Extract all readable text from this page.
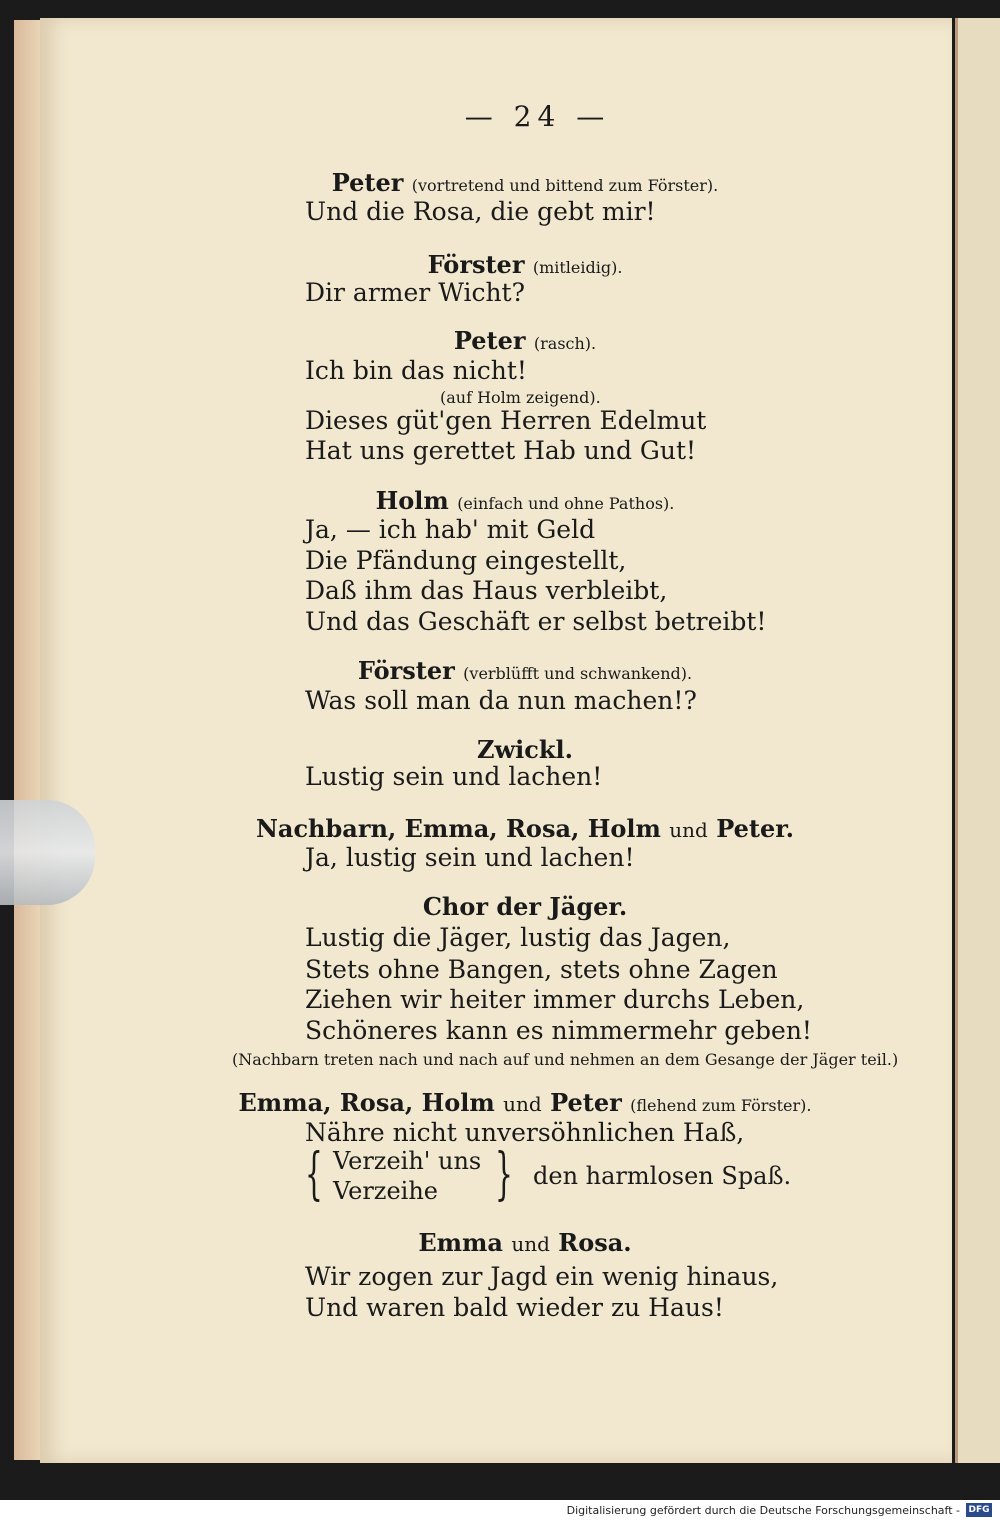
— 24 —
Peter (vortretend und bittend zum Förster).
Und die Rosa, die gebt mir!
Förster (mitleidig).
Dir armer Wicht?
Peter (rasch).
Ich bin das nicht!
(auf Holm zeigend).
Dieses güt'gen Herren Edelmut
Hat uns gerettet Hab und Gut!
Holm (einfach und ohne Pathos).
Ja, — ich hab' mit Geld
Die Pfändung eingestellt,
Daß ihm das Haus verbleibt,
Und das Geschäft er selbst betreibt!
Förster (verblüfft und schwankend).
Was soll man da nun machen!?
Zwickl.
Lustig sein und lachen!
Nachbarn, Emma, Rosa, Holm und Peter.
Ja, lustig sein und lachen!
Chor der Jäger.
Lustig die Jäger, lustig das Jagen,
Stets ohne Bangen, stets ohne Zagen
Ziehen wir heiter immer durchs Leben,
Schöneres kann es nimmermehr geben!
(Nachbarn treten nach und nach auf und nehmen an dem Gesange der Jäger teil.)
Emma, Rosa, Holm und Peter (flehend zum Förster).
Nähre nicht unversöhnlichen Haß,
{ Verzeih' uns
Verzeihe } den harmlosen Spaß.
Emma und Rosa.
Wir zogen zur Jagd ein wenig hinaus,
Und waren bald wieder zu Haus!
Digitalisierung gefördert durch die Deutsche Forschungsgemeinschaft - DFG
